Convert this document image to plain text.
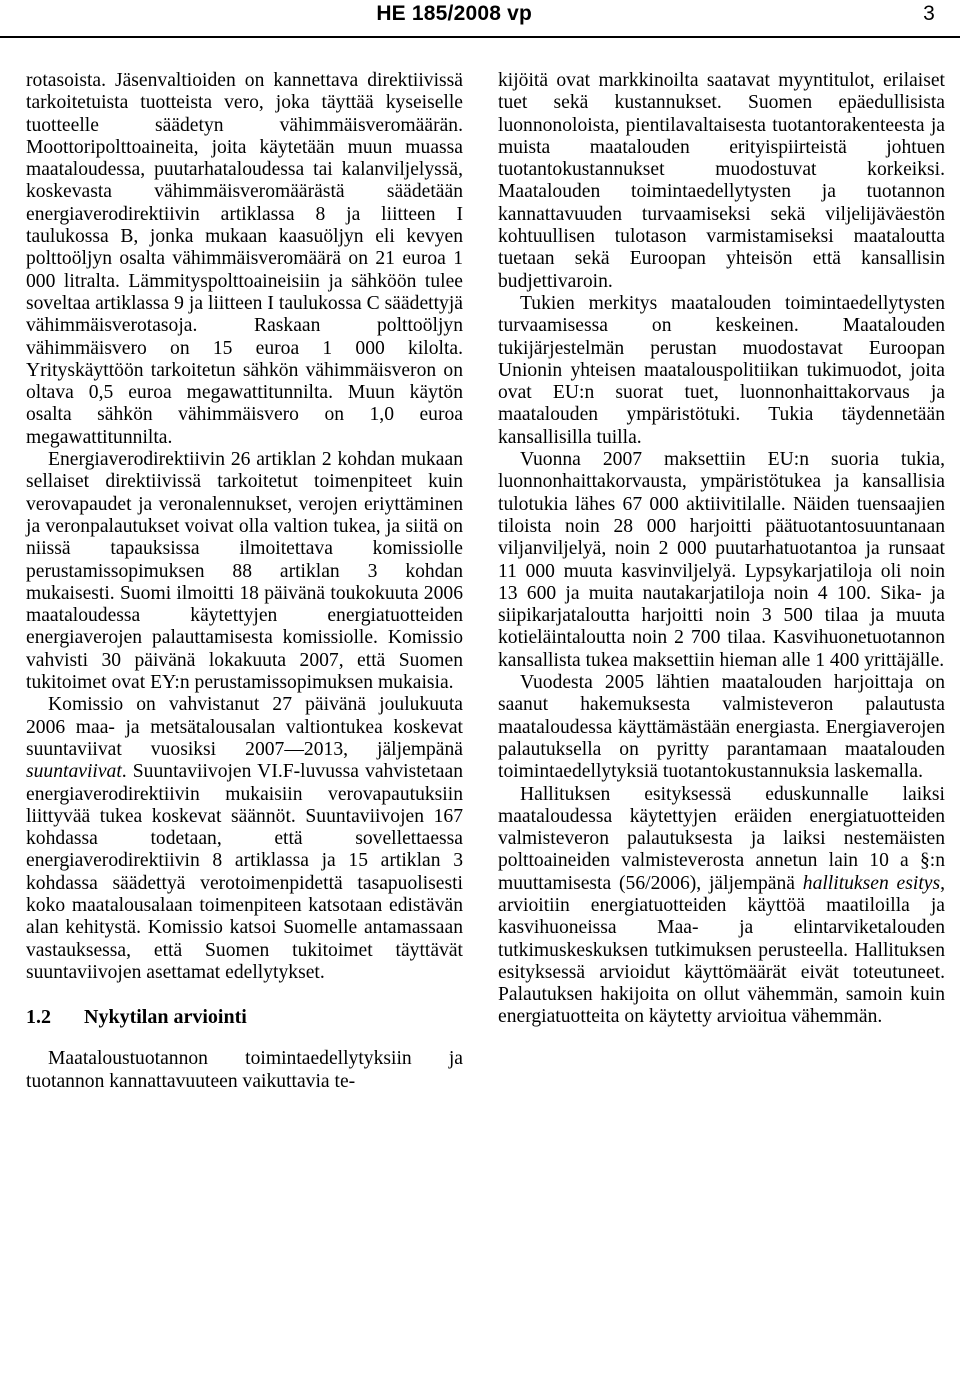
HE 185/2008 vp	3

rotasoista. Jäsenvaltioiden on kannettava direktiivissä tarkoitetuista tuotteista vero, joka täyttää kyseiselle tuotteelle säädetyn vähimmäisveromäärän. Moottoripolttoaineita, joita käytetään muun muassa maataloudessa, puutarhataloudessa tai kalanviljelyssä, koskevasta vähimmäisveromäärästä säädetään energiaverodirektiivin artiklassa 8 ja liitteen I taulukossa B, jonka mukaan kaasuöljyn eli kevyen polttoöljyn osalta vähimmäisveromäärä on 21 euroa 1 000 litralta. Lämmityspolttoaineisiin ja sähköön tulee soveltaa artiklassa 9 ja liitteen I taulukossa C säädettyjä vähimmäisverotasoja. Raskaan polttoöljyn vähimmäisvero on 15 euroa 1 000 kilolta. Yrityskäyttöön tarkoitetun sähkön vähimmäisveron on oltava 0,5 euroa megawattitunnilta. Muun käytön osalta sähkön vähimmäisvero on 1,0 euroa megawattitunnilta.

Energiaverodirektiivin 26 artiklan 2 kohdan mukaan sellaiset direktiivissä tarkoitetut toimenpiteet kuin verovapaudet ja veronalennukset, verojen eriyttäminen ja veronpalautukset voivat olla valtion tukea, ja siitä on niissä tapauksissa ilmoitettava komissiolle perustamissopimuksen 88 artiklan 3 kohdan mukaisesti. Suomi ilmoitti 18 päivänä toukokuuta 2006 maataloudessa käytettyjen energiatuotteiden energiaverojen palauttamisesta komissiolle. Komissio vahvisti 30 päivänä lokakuuta 2007, että Suomen tukitoimet ovat EY:n perustamissopimuksen mukaisia.

Komissio on vahvistanut 27 päivänä joulukuuta 2006 maa- ja metsätalousalan valtiontukea koskevat suuntaviivat vuosiksi 2007—2013, jäljempänä suuntaviivat. Suuntaviivojen VI.F-luvussa vahvistetaan energiaverodirektiivin mukaisiin verovapautuksiin liittyvää tukea koskevat säännöt. Suuntaviivojen 167 kohdassa todetaan, että sovellettaessa energiaverodirektiivin 8 artiklassa ja 15 artiklan 3 kohdassa säädettyä verotoimenpidettä tasapuolisesti koko maatalousalaan toimenpiteen katsotaan edistävän alan kehitystä. Komissio katsoi Suomelle antamassaan vastauksessa, että Suomen tukitoimet täyttävät suuntaviivojen asettamat edellytykset.

1.2 Nykytilan arviointi

Maataloustuotannon toimintaedellytyksiin ja tuotannon kannattavuuteen vaikuttavia te-

kijöitä ovat markkinoilta saatavat myyntitulot, erilaiset tuet sekä kustannukset. Suomen epäedullisista luonnonoloista, pientilavaltaisesta tuotantorakenteesta ja muista maatalouden erityispiirteistä johtuen tuotantokustannukset muodostuvat korkeiksi. Maatalouden toimintaedellytysten ja tuotannon kannattavuuden turvaamiseksi sekä viljelijäväestön kohtuullisen tulotason varmistamiseksi maataloutta tuetaan sekä Euroopan yhteisön että kansallisin budjettivaroin.

Tukien merkitys maatalouden toimintaedellytysten turvaamisessa on keskeinen. Maatalouden tukijärjestelmän perustan muodostavat Euroopan Unionin yhteisen maatalouspolitiikan tukimuodot, joita ovat EU:n suorat tuet, luonnonhaittakorvaus ja maatalouden ympäristötuki. Tukia täydennetään kansallisilla tuilla.

Vuonna 2007 maksettiin EU:n suoria tukia, luonnonhaittakorvausta, ympäristötukea ja kansallisia tulotukia lähes 67 000 aktiivitilalle. Näiden tuensaajien tiloista noin 28 000 harjoitti päätuotantosuuntanaan viljanviljelyä, noin 2 000 puutarhatuotantoa ja runsaat 11 000 muuta kasvinviljelyä. Lypsykarjatiloja oli noin 13 600 ja muita nautakarjatiloja noin 4 100. Sika- ja siipikarjataloutta harjoitti noin 3 500 tilaa ja muuta kotieläintaloutta noin 2 700 tilaa. Kasvihuonetuotannon kansallista tukea maksettiin hieman alle 1 400 yrittäjälle.

Vuodesta 2005 lähtien maatalouden harjoittaja on saanut hakemuksesta valmisteveron palautusta maataloudessa käyttämästään energiasta. Energiaverojen palautuksella on pyritty parantamaan maatalouden toimintaedellytyksiä tuotantokustannuksia laskemalla.

Hallituksen esityksessä eduskunnalle laiksi maataloudessa käytettyjen eräiden energiatuotteiden valmisteveron palautuksesta ja laiksi nestemäisten polttoaineiden valmisteverosta annetun lain 10 a §:n muuttamisesta (56/2006), jäljempänä hallituksen esitys, arvioitiin energiatuotteiden käyttöä maatiloilla ja kasvihuoneissa Maa- ja elintarviketalouden tutkimuskeskuksen tutkimuksen perusteella. Hallituksen esityksessä arvioidut käyttömäärät eivät toteutuneet. Palautuksen hakijoita on ollut vähemmän, samoin kuin energiatuotteita on käytetty arvioitua vähemmän.
